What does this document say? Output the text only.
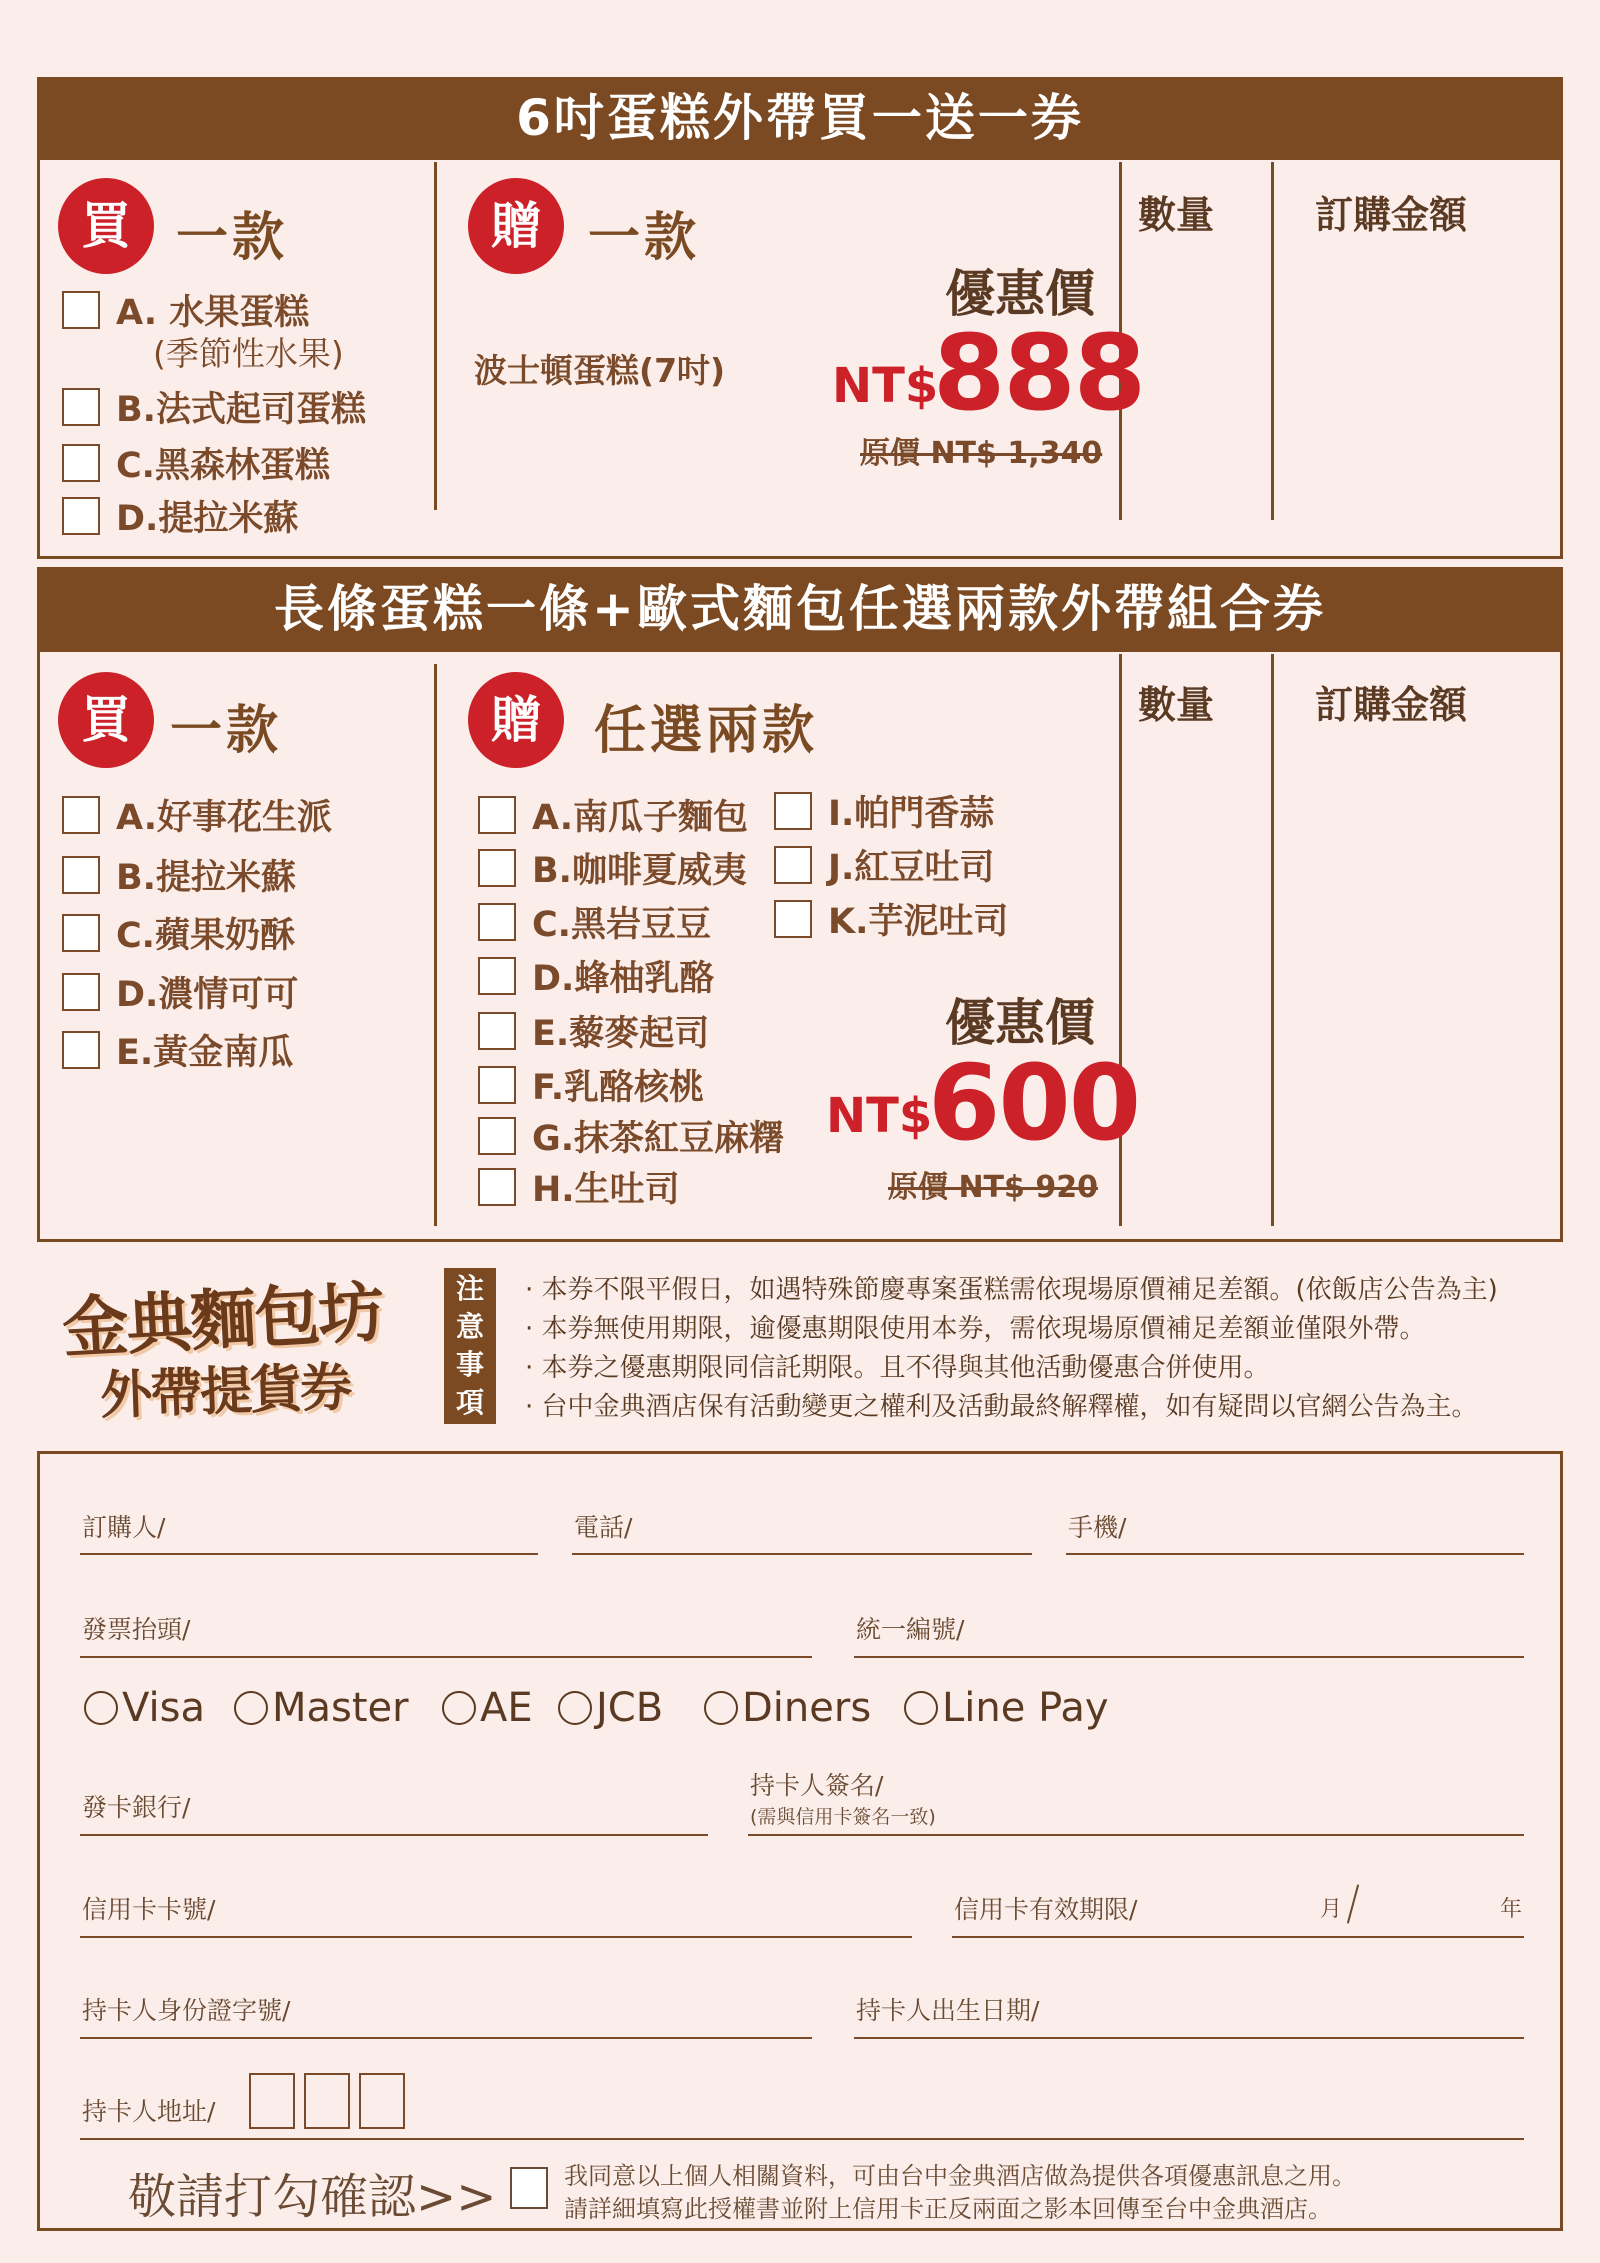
6吋蛋糕外帶買一送一券
買 一款
A. 水果蛋糕
(季節性水果)
B.法式起司蛋糕
C.黑森林蛋糕
D.提拉米蘇
贈 一款
波士頓蛋糕(7吋)
優惠價
NT$
888
原價 NT$ 1,340
數量	訂購金額
長條蛋糕一條+歐式麵包任選兩款外帶組合券
買 一款
A.好事花生派
B.提拉米蘇
C.蘋果奶酥
D.濃情可可
E.黃金南瓜
贈	任選兩款
A.南瓜子麵包
B.咖啡夏威夷
C.黑岩豆豆
D.蜂柚乳酪
E.藜麥起司
F.乳酪核桃
G.抹茶紅豆麻糬
H.生吐司
I.帕門香蒜
J.紅豆吐司
K.芋泥吐司
優惠價
NT$
600
原價 NT$ 920
數量	訂購金額
金典麵包坊
外帶提貨券
注
意
事
項
· 本券不限平假日，如遇特殊節慶專案蛋糕需依現場原價補足差額。(依飯店公告為主)
· 本券無使用期限，逾優惠期限使用本券，需依現場原價補足差額並僅限外帶。
· 本券之優惠期限同信託期限。且不得與其他活動優惠合併使用。
· 台中金典酒店保有活動變更之權利及活動最終解釋權，如有疑問以官網公告為主。
訂購人/	電話/	手機/
發票抬頭/	統一編號/
Visa Master AE JCB Diners Line Pay
發卡銀行/
持卡人簽名/
(需與信用卡簽名一致)
信用卡卡號/	信用卡有效期限/	月	年
持卡人身份證字號/	持卡人出生日期/
持卡人地址/
敬請打勾確認>>	我同意以上個人相關資料，可由台中金典酒店做為提供各項優惠訊息之用。
請詳細填寫此授權書並附上信用卡正反兩面之影本回傳至台中金典酒店。
